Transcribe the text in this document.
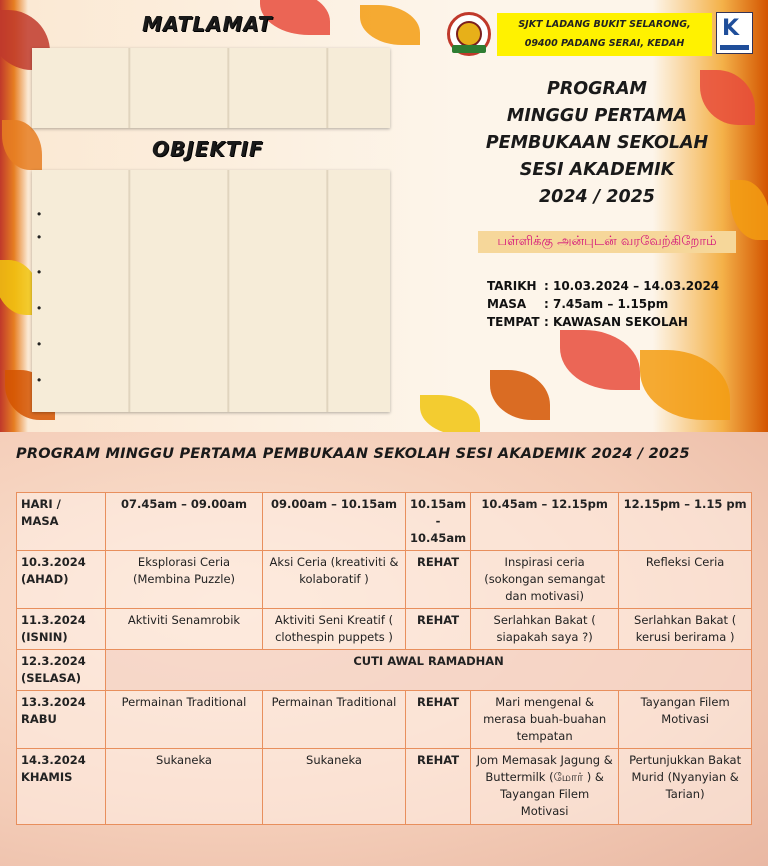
MATLAMAT
OBJEKTIF
•
•
•
•
•
•
SJKT LADANG BUKIT SELARONG,
09400 PADANG SERAI, KEDAH
K
PROGRAM
MINGGU PERTAMA
PEMBUKAAN SEKOLAH
SESI AKADEMIK
2024 / 2025
பள்ளிக்கு அன்புடன் வரவேற்கிறோம்
TARIKH : 10.03.2024 – 14.03.2024
MASA : 7.45am – 1.15pm
TEMPAT : KAWASAN SEKOLAH
PROGRAM MINGGU PERTAMA PEMBUKAAN SEKOLAH SESI AKADEMIK 2024 / 2025
HARI / MASA	07.45am – 09.00am	09.00am – 10.15am	10.15am - 10.45am	10.45am – 12.15pm	12.15pm – 1.15 pm
10.3.2024 (AHAD)	Eksplorasi Ceria (Membina Puzzle)	Aksi Ceria (kreativiti & kolaboratif )	REHAT	Inspirasi ceria (sokongan semangat dan motivasi)	Refleksi Ceria
11.3.2024 (ISNIN)	Aktiviti Senamrobik	Aktiviti Seni Kreatif ( clothespin puppets )	REHAT	Serlahkan Bakat ( siapakah saya ?)	Serlahkan Bakat ( kerusi berirama )
12.3.2024 (SELASA)	CUTI AWAL RAMADHAN				
13.3.2024 RABU	Permainan Traditional	Permainan Traditional	REHAT	Mari mengenal & merasa buah-buahan tempatan	Tayangan Filem Motivasi
14.3.2024 KHAMIS	Sukaneka	Sukaneka	REHAT	Jom Memasak Jagung & Buttermilk (மோர் ) & Tayangan Filem Motivasi	Pertunjukkan Bakat Murid (Nyanyian & Tarian)
